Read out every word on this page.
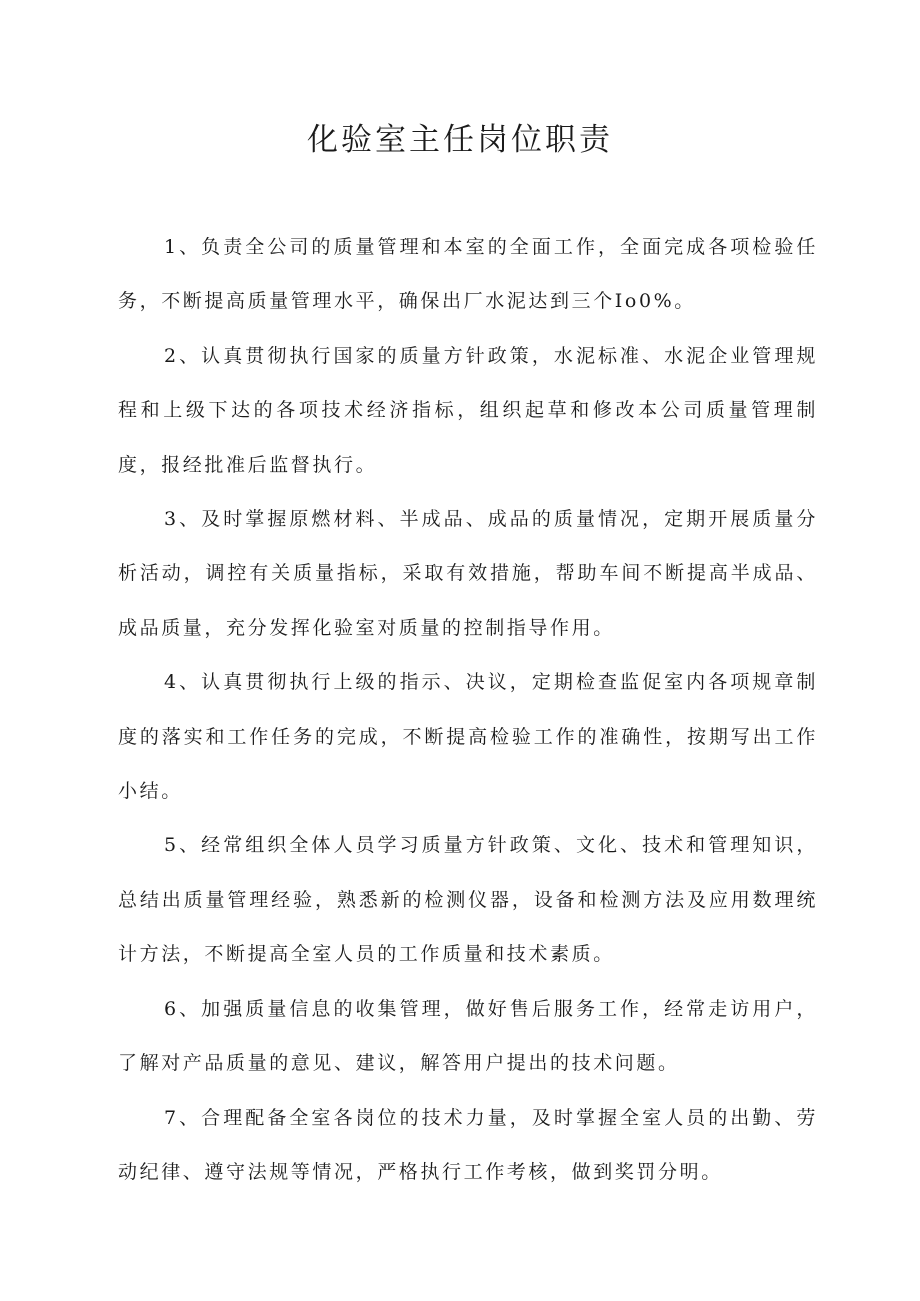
化验室主任岗位职责

1、负责全公司的质量管理和本室的全面工作，全面完成各项检验任务，不断提高质量管理水平，确保出厂水泥达到三个Io0%。

2、认真贯彻执行国家的质量方针政策，水泥标准、水泥企业管理规程和上级下达的各项技术经济指标，组织起草和修改本公司质量管理制度，报经批准后监督执行。

3、及时掌握原燃材料、半成品、成品的质量情况，定期开展质量分析活动，调控有关质量指标，采取有效措施，帮助车间不断提高半成品、成品质量，充分发挥化验室对质量的控制指导作用。

4、认真贯彻执行上级的指示、决议，定期检查监促室内各项规章制度的落实和工作任务的完成，不断提高检验工作的准确性，按期写出工作小结。

5、经常组织全体人员学习质量方针政策、文化、技术和管理知识，总结出质量管理经验，熟悉新的检测仪器，设备和检测方法及应用数理统计方法，不断提高全室人员的工作质量和技术素质。

6、加强质量信息的收集管理，做好售后服务工作，经常走访用户，了解对产品质量的意见、建议，解答用户提出的技术问题。

7、合理配备全室各岗位的技术力量，及时掌握全室人员的出勤、劳动纪律、遵守法规等情况，严格执行工作考核，做到奖罚分明。
